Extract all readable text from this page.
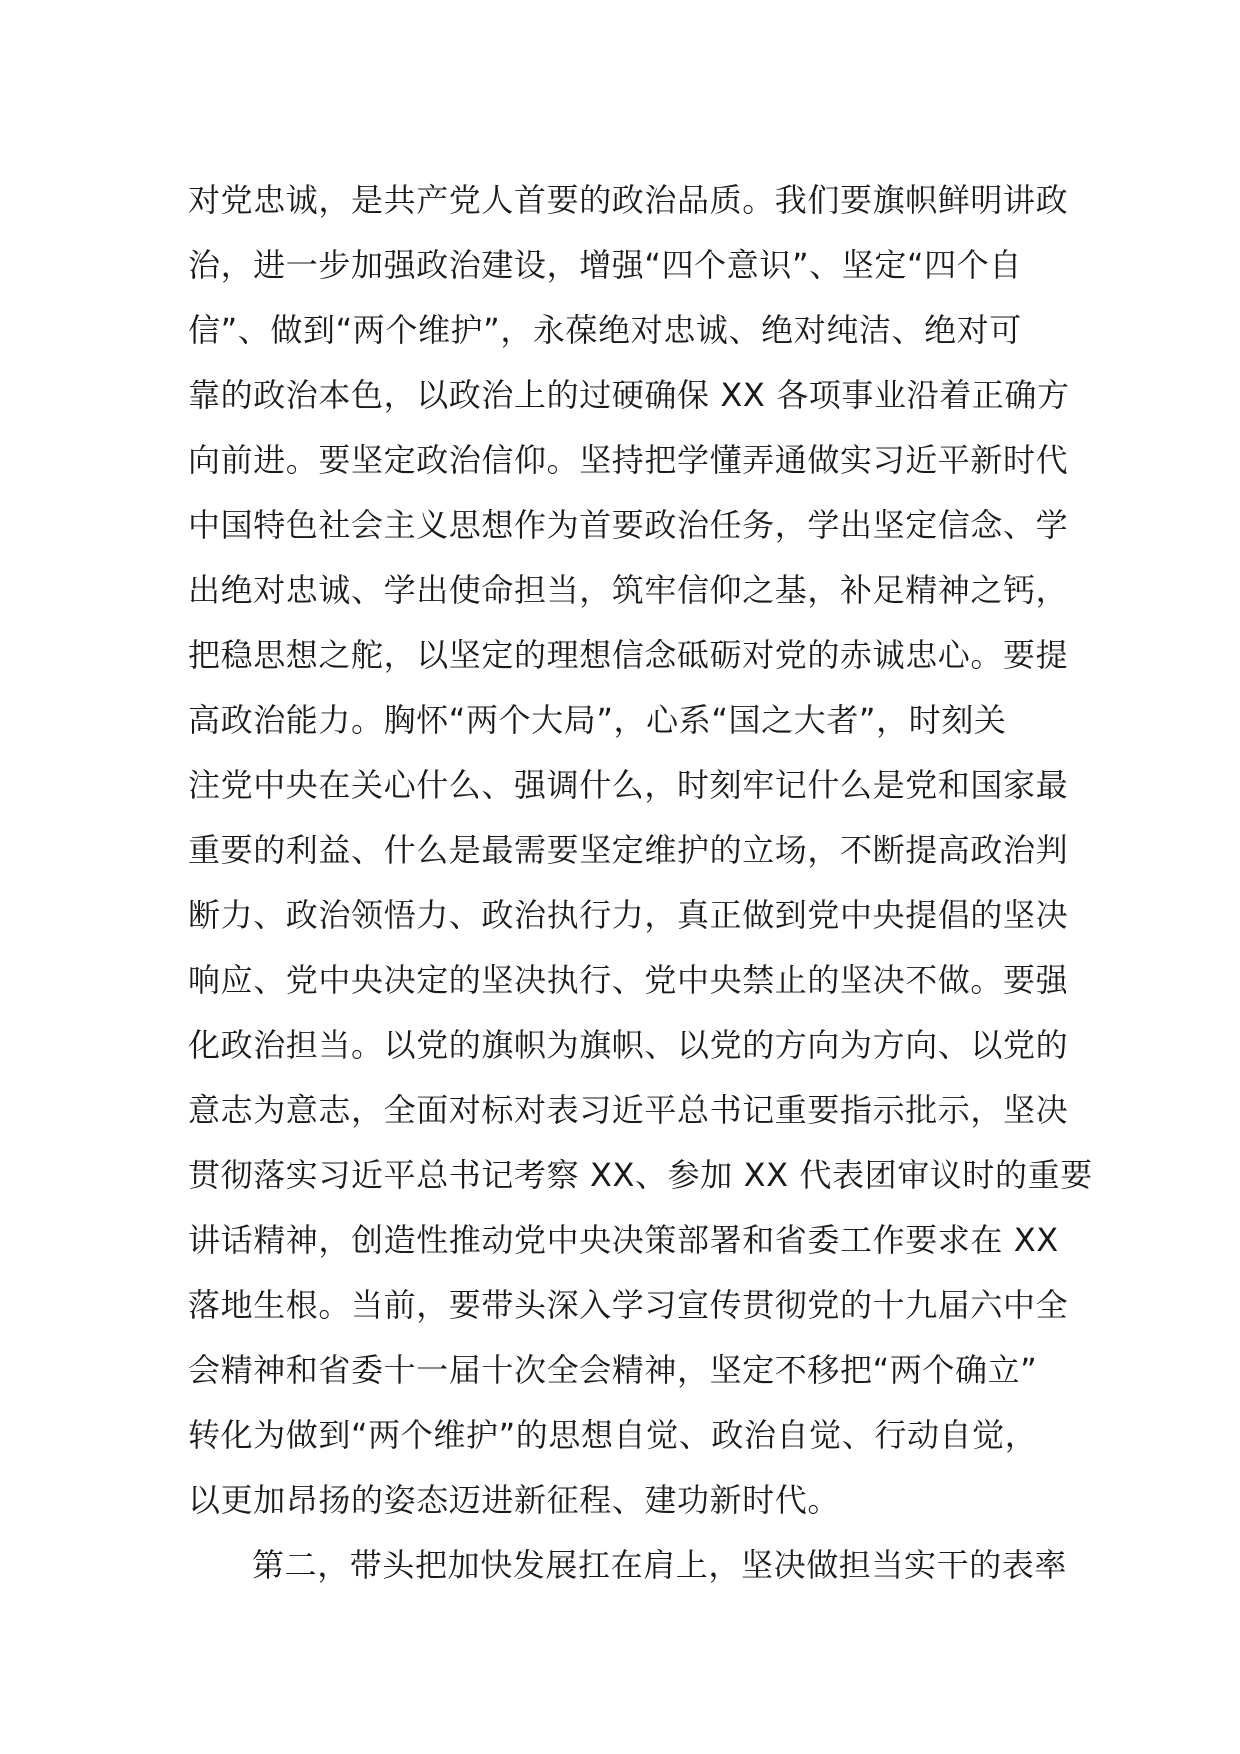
对党忠诚，是共产党人首要的政治品质。我们要旗帜鲜明讲政
治，进一步加强政治建设，增强“四个意识”、坚定“四个自
信”、做到“两个维护”，永葆绝对忠诚、绝对纯洁、绝对可
靠的政治本色，以政治上的过硬确保 XX 各项事业沿着正确方
向前进。要坚定政治信仰。坚持把学懂弄通做实习近平新时代
中国特色社会主义思想作为首要政治任务，学出坚定信念、学
出绝对忠诚、学出使命担当，筑牢信仰之基，补足精神之钙，
把稳思想之舵，以坚定的理想信念砥砺对党的赤诚忠心。要提
高政治能力。胸怀“两个大局”，心系“国之大者”，时刻关
注党中央在关心什么、强调什么，时刻牢记什么是党和国家最
重要的利益、什么是最需要坚定维护的立场，不断提高政治判
断力、政治领悟力、政治执行力，真正做到党中央提倡的坚决
响应、党中央决定的坚决执行、党中央禁止的坚决不做。要强
化政治担当。以党的旗帜为旗帜、以党的方向为方向、以党的
意志为意志，全面对标对表习近平总书记重要指示批示，坚决
贯彻落实习近平总书记考察 XX、参加 XX 代表团审议时的重要
讲话精神，创造性推动党中央决策部署和省委工作要求在 XX
落地生根。当前，要带头深入学习宣传贯彻党的十九届六中全
会精神和省委十一届十次全会精神，坚定不移把“两个确立”
转化为做到“两个维护”的思想自觉、政治自觉、行动自觉，
以更加昂扬的姿态迈进新征程、建功新时代。
第二，带头把加快发展扛在肩上，坚决做担当实干的表率
